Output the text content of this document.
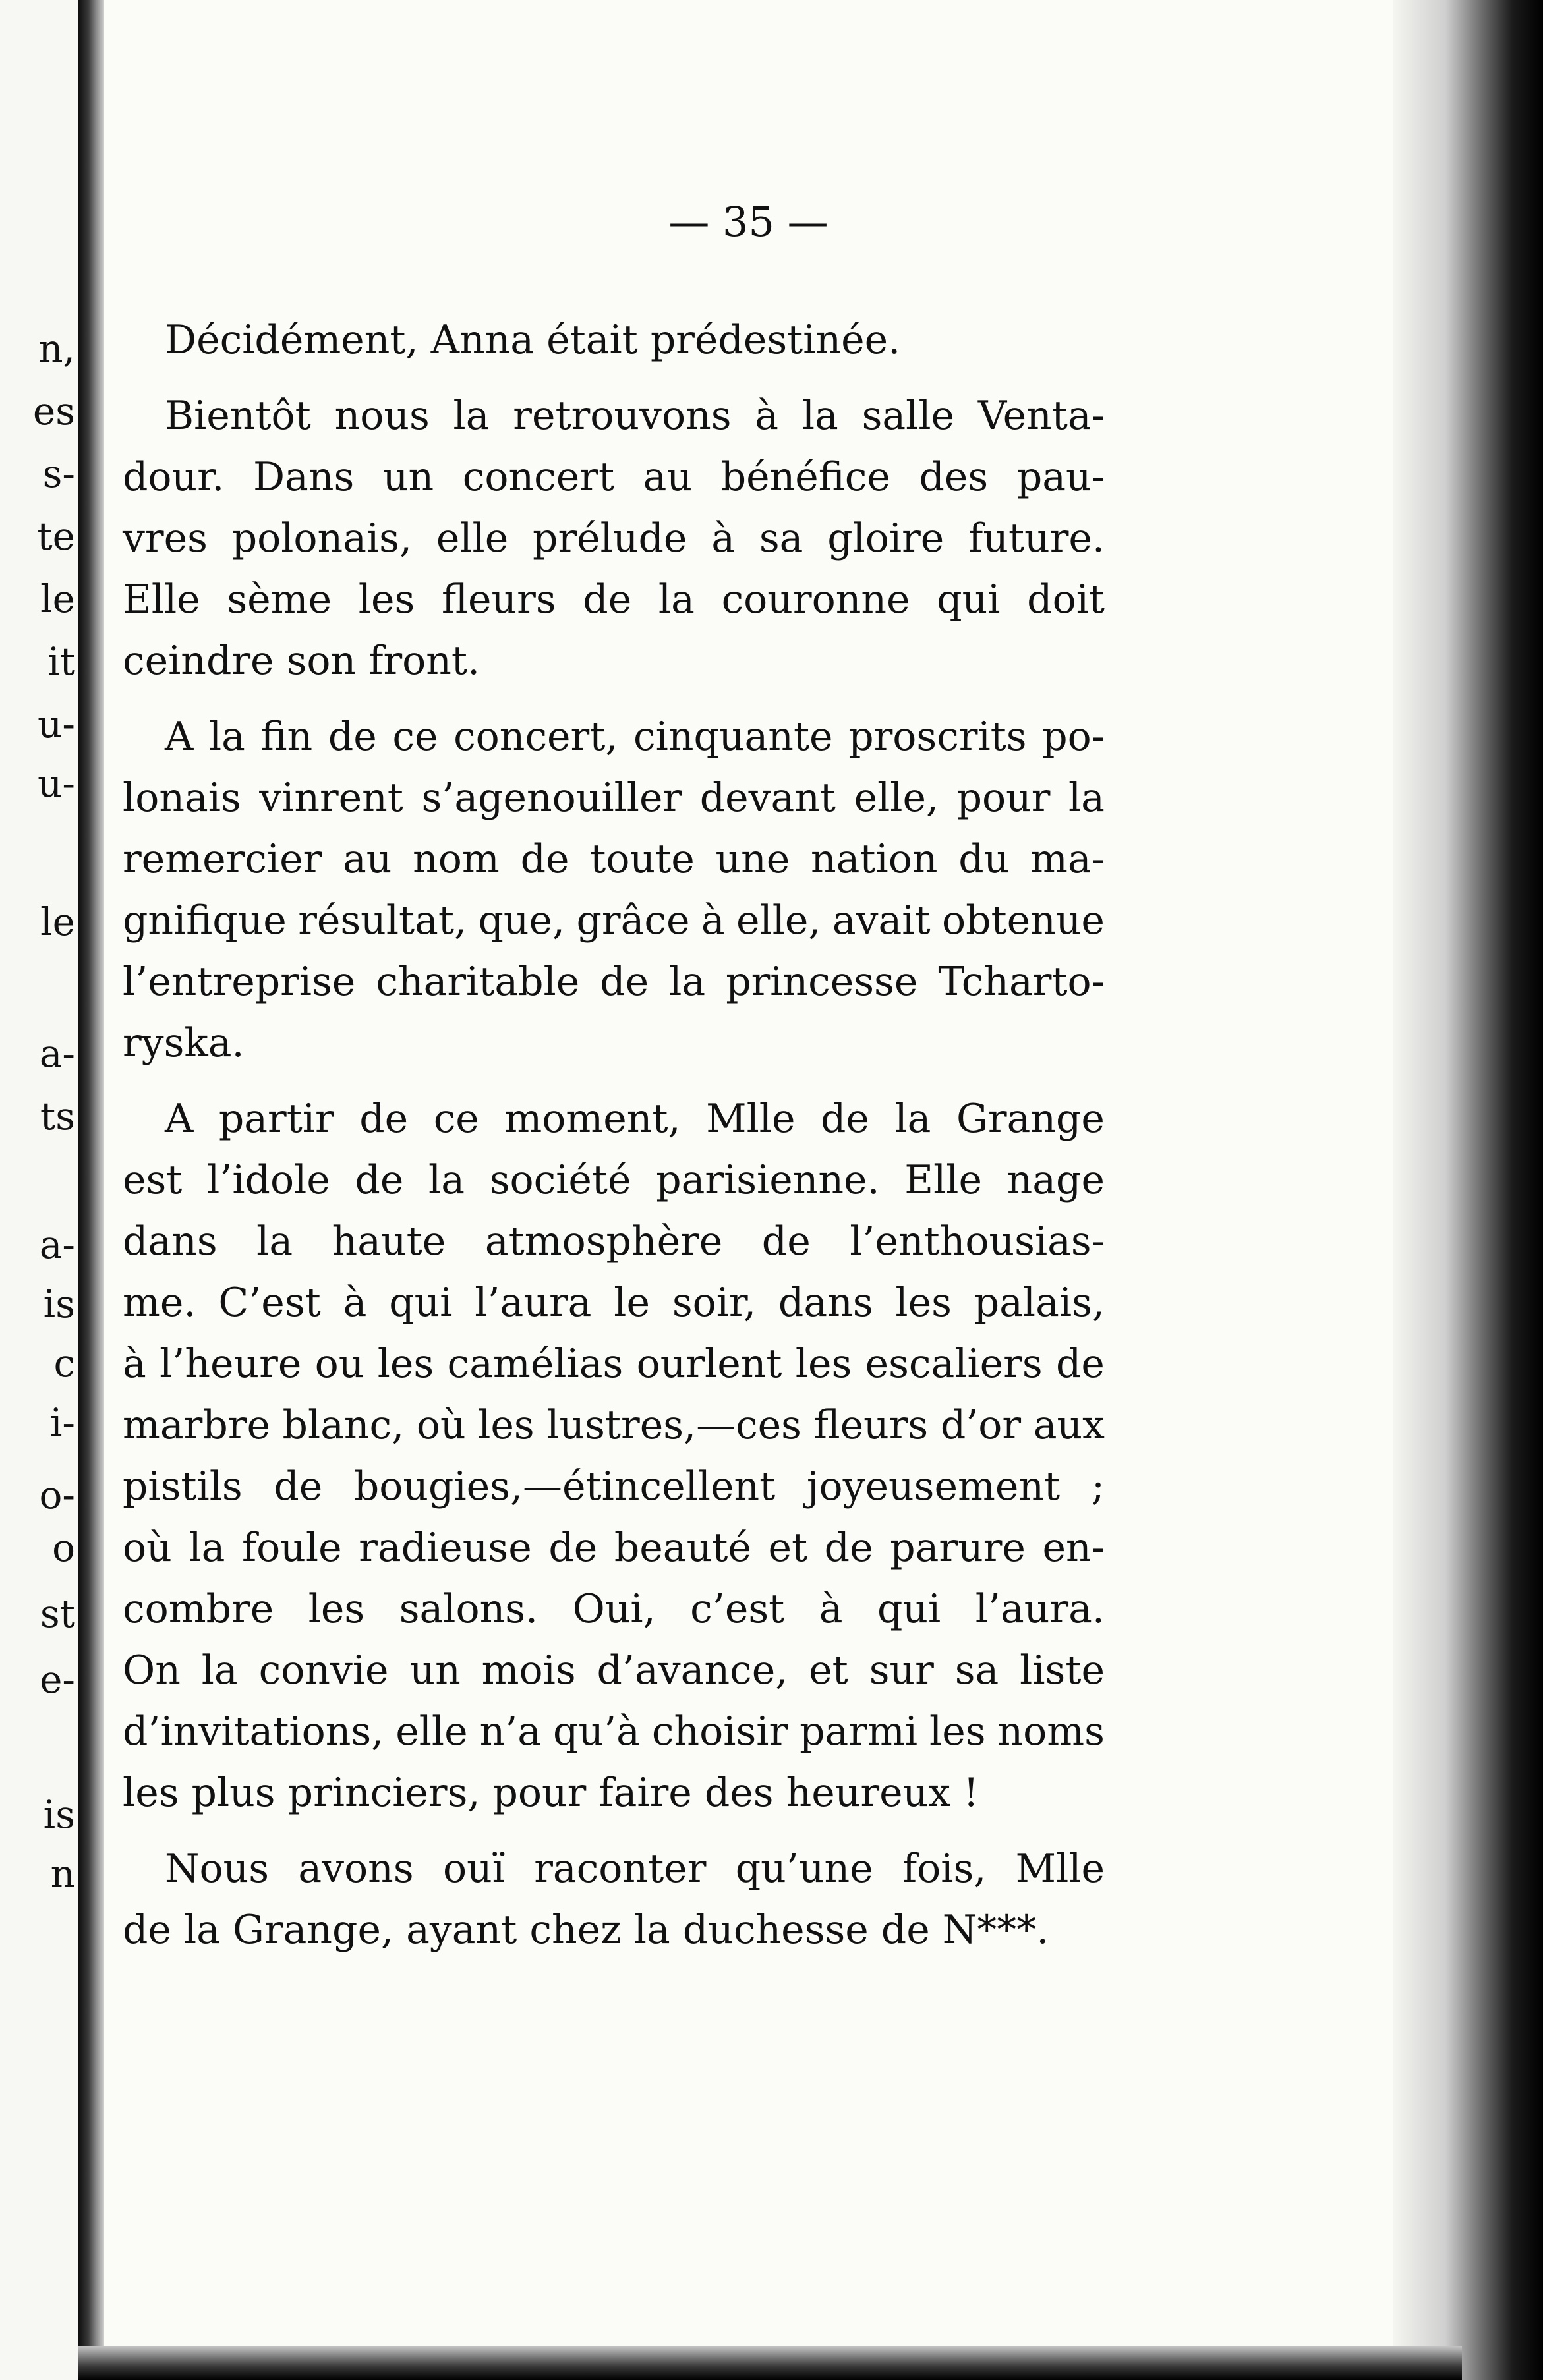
n,
es
s-
te
le
it
u-
u-
le
a-
ts
a-
is
c
i-
o-
o
st
e-
is
n
— 35 —
Décidément, Anna était prédestinée.
Bientôt nous la retrouvons à la salle Venta-
dour. Dans un concert au bénéfice des pau-
vres polonais, elle prélude à sa gloire future.
Elle sème les fleurs de la couronne qui doit
ceindre son front.
A la fin de ce concert, cinquante proscrits po-
lonais vinrent s’agenouiller devant elle, pour la
remercier au nom de toute une nation du ma-
gnifique résultat, que, grâce à elle, avait obtenue
l’entreprise charitable de la princesse Tcharto-
ryska.
A partir de ce moment, Mlle de la Grange
est l’idole de la société parisienne. Elle nage
dans la haute atmosphère de l’enthousias-
me. C’est à qui l’aura le soir, dans les palais,
à l’heure ou les camélias ourlent les escaliers de
marbre blanc, où les lustres,—ces fleurs d’or aux
pistils de bougies,—étincellent joyeusement ;
où la foule radieuse de beauté et de parure en-
combre les salons. Oui, c’est à qui l’aura.
On la convie un mois d’avance, et sur sa liste
d’invitations, elle n’a qu’à choisir parmi les noms
les plus princiers, pour faire des heureux !
Nous avons ouï raconter qu’une fois, Mlle
de la Grange, ayant chez la duchesse de N***.
